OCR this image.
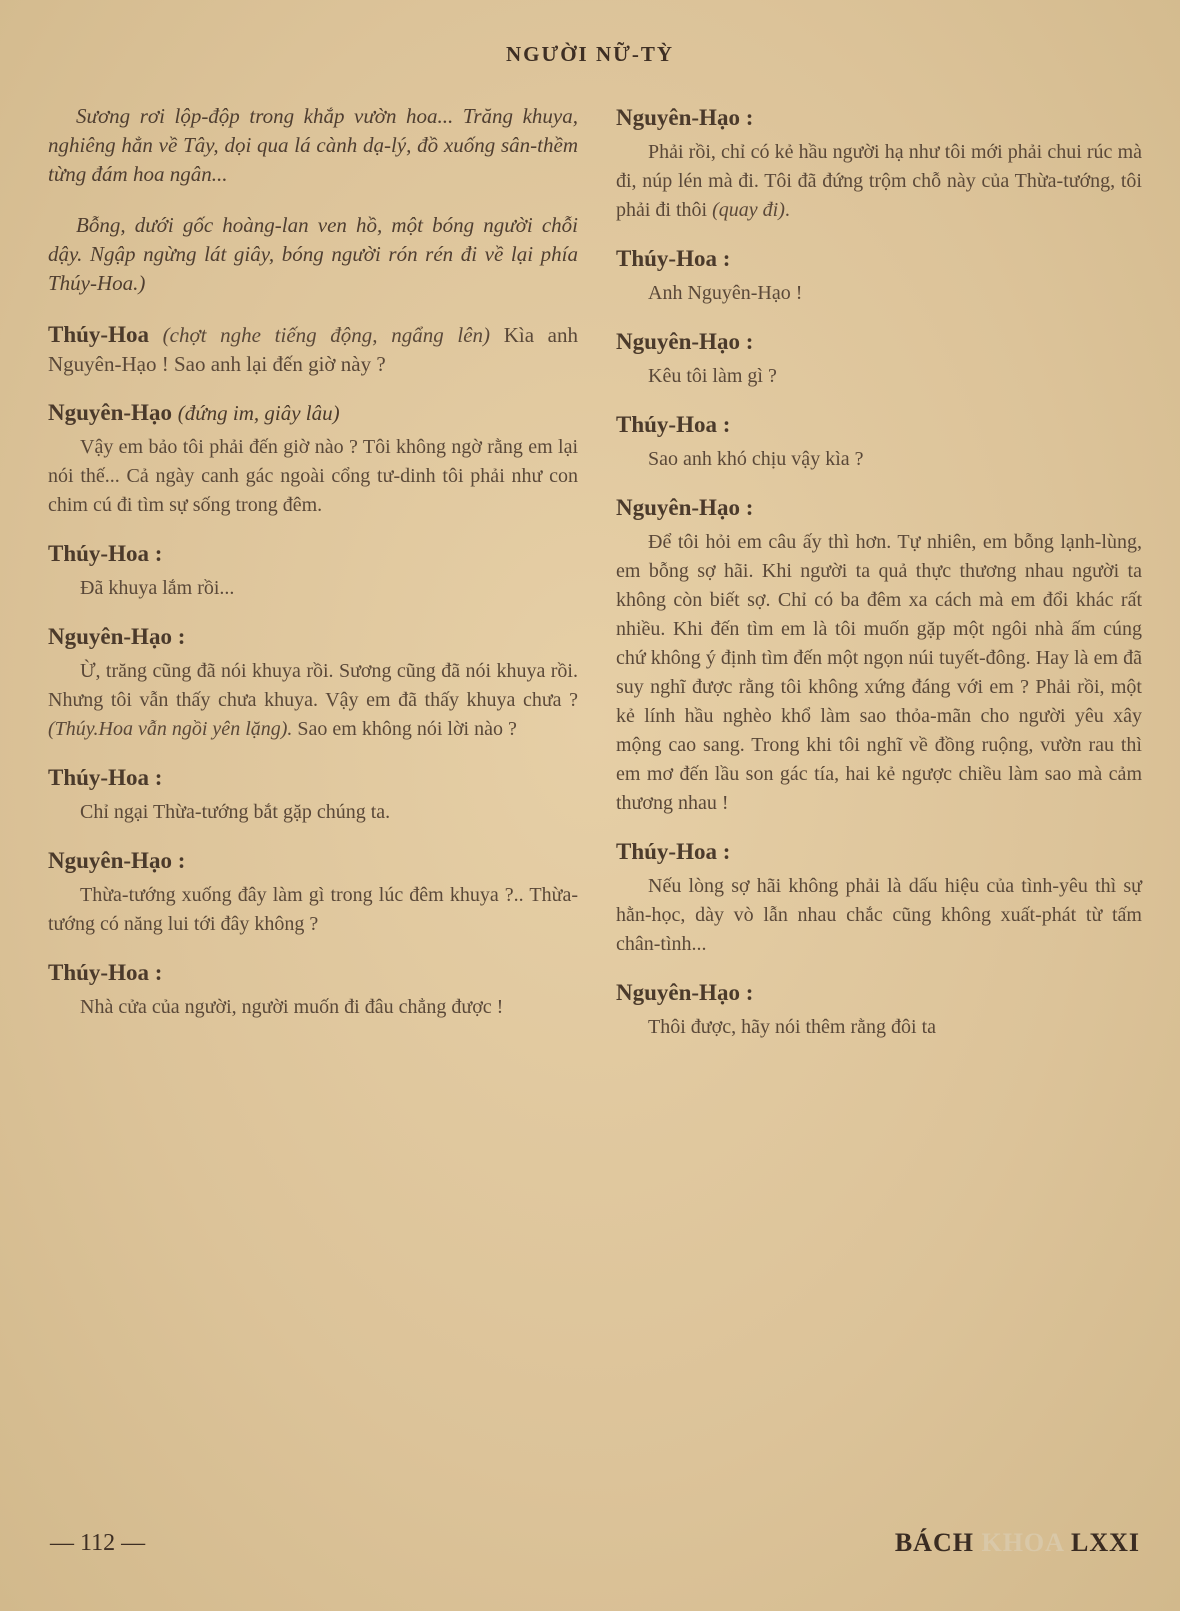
NGƯỜI NỮ-TỲ

Sương rơi lộp-độp trong khắp vườn hoa... Trăng khuya, nghiêng hẳn về Tây, dọi qua lá cành dạ-lý, đồ xuống sân-thềm từng đám hoa ngân...

Bỗng, dưới gốc hoàng-lan ven hồ, một bóng người chỗi dậy. Ngập ngừng lát giây, bóng người rón rén đi về lại phía Thúy-Hoa.)

Thúy-Hoa (chợt nghe tiếng động, ngẩng lên) Kìa anh Nguyên-Hạo ! Sao anh lại đến giờ này ?
Nguyên-Hạo (đứng im, giây lâu)
Vậy em bảo tôi phải đến giờ nào ? Tôi không ngờ rằng em lại nói thế... Cả ngày canh gác ngoài cổng tư-dinh tôi phải như con chim cú đi tìm sự sống trong đêm.
Thúy-Hoa :
Đã khuya lắm rồi...
Nguyên-Hạo :
Ừ, trăng cũng đã nói khuya rồi. Sương cũng đã nói khuya rồi. Nhưng tôi vẫn thấy chưa khuya. Vậy em đã thấy khuya chưa ? (Thúy.Hoa vẫn ngồi yên lặng). Sao em không nói lời nào ?
Thúy-Hoa :
Chỉ ngại Thừa-tướng bắt gặp chúng ta.
Nguyên-Hạo :
Thừa-tướng xuống đây làm gì trong lúc đêm khuya ?.. Thừa-tướng có năng lui tới đây không ?
Thúy-Hoa :
Nhà cửa của người, người muốn đi đâu chẳng được !
Nguyên-Hạo :
Phải rồi, chỉ có kẻ hầu người hạ như tôi mới phải chui rúc mà đi, núp lén mà đi. Tôi đã đứng trộm chỗ này của Thừa-tướng, tôi phải đi thôi (quay đi).
Thúy-Hoa :
Anh Nguyên-Hạo !
Nguyên-Hạo :
Kêu tôi làm gì ?
Thúy-Hoa :
Sao anh khó chịu vậy kìa ?
Nguyên-Hạo :
Để tôi hỏi em câu ấy thì hơn. Tự nhiên, em bỗng lạnh-lùng, em bỗng sợ hãi. Khi người ta quả thực thương nhau người ta không còn biết sợ. Chỉ có ba đêm xa cách mà em đổi khác rất nhiều. Khi đến tìm em là tôi muốn gặp một ngôi nhà ấm cúng chứ không ý định tìm đến một ngọn núi tuyết-đông. Hay là em đã suy nghĩ được rằng tôi không xứng đáng với em ? Phải rồi, một kẻ lính hầu nghèo khổ làm sao thỏa-mãn cho người yêu xây mộng cao sang. Trong khi tôi nghĩ về đồng ruộng, vườn rau thì em mơ đến lầu son gác tía, hai kẻ ngược chiều làm sao mà cảm thương nhau !
Thúy-Hoa :
Nếu lòng sợ hãi không phải là dấu hiệu của tình-yêu thì sự hằn-học, dày vò lẫn nhau chắc cũng không xuất-phát từ tấm chân-tình...
Nguyên-Hạo :
Thôi được, hãy nói thêm rằng đôi ta
— 112 —	BÁCH KHOA LXXI
